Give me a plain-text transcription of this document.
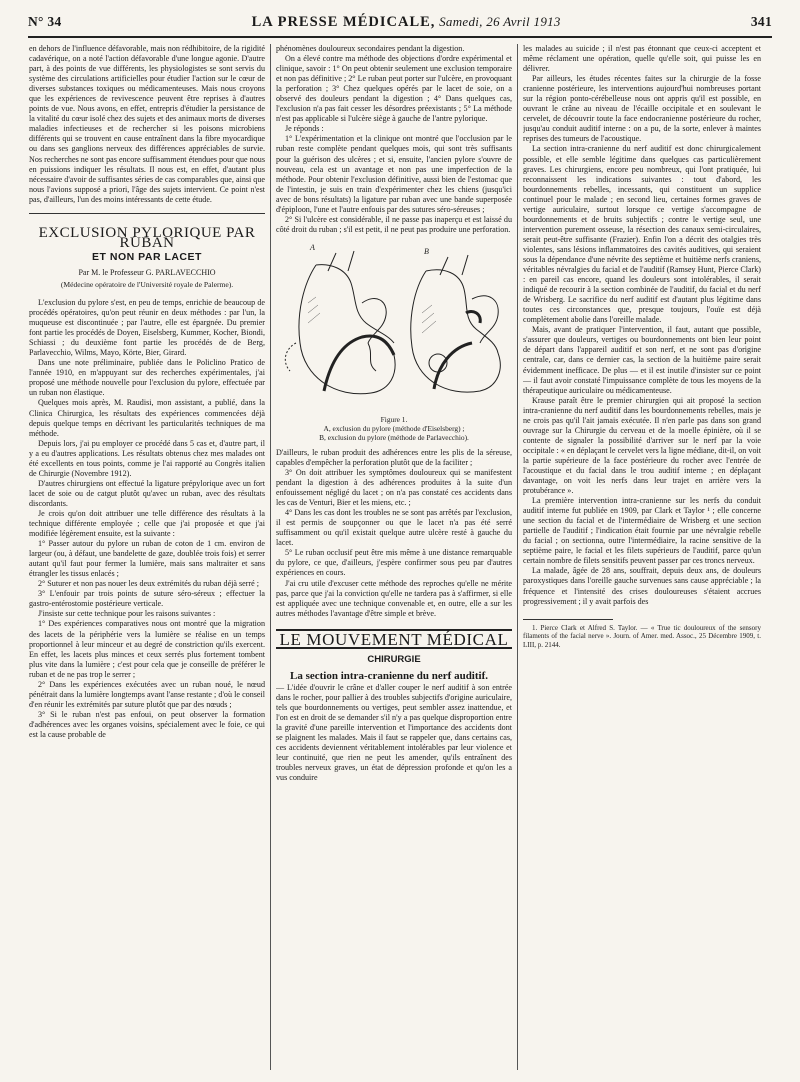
N° 34	LA PRESSE MÉDICALE, Samedi, 26 Avril 1913	341

en dehors de l'influence défavorable, mais non rédhibitoire, de la rigidité cadavérique, on a noté l'action défavorable d'une longue agonie. D'autre part, à des points de vue différents, les physiologistes se sont servis du système des circulations artificielles pour étudier l'action sur le cœur de diverses substances toxiques ou médicamenteuses. Mais nous croyons que les expériences de revivescence peuvent être reprises à d'autres points de vue. Nous avons, en effet, entrepris d'étudier la persistance de la vitalité du cœur isolé chez des sujets et des animaux morts de diverses maladies infectieuses et de rechercher si les poisons microbiens différents qui se trouvent en cause entraînent dans la fibre myocardique ou dans ses ganglions nerveux des différences appréciables de survie. Nos recherches ne sont pas encore suffisamment étendues pour que nous en puissions indiquer les résultats. Il nous est, en effet, d'autant plus nécessaire d'avoir de suffisantes séries de cas comparables que, ainsi que nous l'avions supposé a priori, l'âge des sujets intervient. Ce point n'est pas, d'ailleurs, l'un des moins intéressants de cette étude.

EXCLUSION PYLORIQUE PAR RUBAN
ET NON PAR LACET
Par M. le Professeur G. PARLAVECCHIO
(Médecine opératoire de l'Université royale de Palerme).

L'exclusion du pylore s'est, en peu de temps, enrichie de beaucoup de procédés opératoires, qu'on peut réunir en deux méthodes : par l'un, la muqueuse est discontinuée ; par l'autre, elle est épargnée. Du premier font partie les procédés de Doyen, Eiselsberg, Kummer, Kocher, Biondi, Schiassi ; du deuxième font partie les procédés de de Berg, Parlavecchio, Wilms, Mayo, Körte, Bier, Girard.

Dans une note préliminaire, publiée dans le Policlino Pratico de l'année 1910, en m'appuyant sur des recherches expérimentales, j'ai proposé une méthode nouvelle pour l'exclusion du pylore, effectuée par un ruban non élastique.

Quelques mois après, M. Raudisi, mon assistant, a publié, dans la Clinica Chirurgica, les résultats des expériences commencées déjà depuis quelque temps en décrivant les particularités techniques de ma méthode.

Depuis lors, j'ai pu employer ce procédé dans 5 cas et, d'autre part, il y a eu d'autres applications. Les résultats obtenus chez mes malades ont été excellents en tous points, comme je l'ai rapporté au Congrès italien de Chirurgie (Novembre 1912).

D'autres chirurgiens ont effectué la ligature prépylorique avec un fort lacet de soie ou de catgut plutôt qu'avec un ruban, avec des résultats discordants.

Je crois qu'on doit attribuer une telle différence des résultats à la technique différente employée ; celle que j'ai proposée et que j'ai modifiée légèrement ensuite, est la suivante :

1° Passer autour du pylore un ruban de coton de 1 cm. environ de largeur (ou, à défaut, une bandelette de gaze, doublée trois fois) et serrer autant qu'il faut pour fermer la lumière, mais sans maltraiter et sans étrangler les tissus enlacés ;

2° Suturer et non pas nouer les deux extrémités du ruban déjà serré ;

3° L'enfouir par trois points de suture séro-séreux ; effectuer la gastro-entérostomie postérieure verticale.

J'insiste sur cette technique pour les raisons suivantes :

1° Des expériences comparatives nous ont montré que la migration des lacets de la périphérie vers la lumière se réalise en un temps proportionnel à leur minceur et au degré de constriction qu'ils exercent. En effet, les lacets plus minces et ceux serrés plus fortement tombent plus vite dans la lumière ; c'est pour cela que je conseille de préférer le ruban et de ne pas trop le serrer ;

2° Dans les expériences exécutées avec un ruban noué, le nœud pénétrait dans la lumière longtemps avant l'anse restante ; d'où le conseil d'en réunir les extrémités par suture plutôt que par des nœuds ;

3° Si le ruban n'est pas enfoui, on peut observer la formation d'adhérences avec les organes voisins, spécialement avec le foie, ce qui est la cause probable de

phénomènes douloureux secondaires pendant la digestion.

On a élevé contre ma méthode des objections d'ordre expérimental et clinique, savoir : 1° On peut obtenir seulement une exclusion temporaire et non pas définitive ; 2° Le ruban peut porter sur l'ulcère, en provoquant la perforation ; 3° Chez quelques opérés par le lacet de soie, on a observé des douleurs pendant la digestion ; 4° Dans quelques cas, l'exclusion n'a pas fait cesser les désordres préexistants ; 5° La méthode n'est pas applicable si l'ulcère siège à gauche de l'antre pylorique.

Je réponds :

1° L'expérimentation et la clinique ont montré que l'occlusion par le ruban reste complète pendant quelques mois, qui sont très suffisants pour la guérison des ulcères ; et si, ensuite, l'ancien pylore s'ouvre de nouveau, cela est un avantage et non pas une imperfection de la méthode. Pour obtenir l'exclusion définitive, aussi bien de l'estomac que de l'intestin, je suis en train d'expérimenter chez les chiens (jusqu'ici avec de bons résultats) la ligature par ruban avec une bande superposée d'épiploon, l'une et l'autre enfouis par des sutures séro-séreuses ;

2° Si l'ulcère est considérable, il ne passe pas inaperçu et est laissé du côté droit du ruban ; s'il est petit, il ne peut pas produire une perforation.

A	B
Figure 1.
A, exclusion du pylore (méthode d'Eiselsberg) ;
B, exclusion du pylore (méthode de Parlavecchio).

D'ailleurs, le ruban produit des adhérences entre les plis de la séreuse, capables d'empêcher la perforation plutôt que de la faciliter ;

3° On doit attribuer les symptômes douloureux qui se manifestent pendant la digestion à des adhérences produites à la suite d'un enfouissement négligé du lacet ; on n'a pas constaté ces accidents dans les cas de Venturi, Bier et les miens, etc. ;

4° Dans les cas dont les troubles ne se sont pas arrêtés par l'exclusion, il est permis de soupçonner ou que le lacet n'a pas été serré suffisamment ou qu'il existait quelque autre ulcère resté à gauche du lacet.

5° Le ruban occlusif peut être mis même à une distance remarquable du pylore, ce que, d'ailleurs, j'espère confirmer sous peu par d'autres expériences en cours.

J'ai cru utile d'excuser cette méthode des reproches qu'elle ne mérite pas, parce que j'ai la conviction qu'elle ne tardera pas à s'affirmer, si elle est appliquée avec une technique convenable et, en outre, elle a sur les autres méthodes l'avantage d'être simple et brève.

LE MOUVEMENT MÉDICAL
CHIRURGIE
La section intra-cranienne du nerf auditif.

— L'idée d'ouvrir le crâne et d'aller couper le nerf auditif à son entrée dans le rocher, pour pallier à des troubles subjectifs d'origine auriculaire, tels que bourdonnements ou vertiges, peut sembler assez inattendue, et l'on est en droit de se demander s'il n'y a pas quelque disproportion entre la gravité d'une pareille intervention et l'importance des accidents dont se plaignent les malades. Mais il faut se rappeler que, dans certains cas, ces accidents deviennent véritablement intolérables par leur violence et leur continuité, que rien ne peut les amender, qu'ils entraînent des troubles nerveux graves, un état de dépression profonde et qu'on les a vus conduire

les malades au suicide ; il n'est pas étonnant que ceux-ci acceptent et même réclament une opération, quelle qu'elle soit, qui puisse les en délivrer.

Par ailleurs, les études récentes faites sur la chirurgie de la fosse cranienne postérieure, les interventions aujourd'hui nombreuses portant sur la région ponto-cérébelleuse nous ont appris qu'il est possible, en ouvrant le crâne au niveau de l'écaille occipitale et en soulevant le cervelet, de découvrir toute la face endocranienne postérieure du rocher, jusqu'au conduit auditif interne : on a pu, de la sorte, enlever à maintes reprises des tumeurs de l'acoustique.

La section intra-cranienne du nerf auditif est donc chirurgicalement possible, et elle semble légitime dans quelques cas particulièrement graves. Les chirurgiens, encore peu nombreux, qui l'ont pratiquée, lui reconnaissent les indications suivantes : tout d'abord, les bourdonnements rebelles, incessants, qui constituent un supplice continuel pour le malade ; en second lieu, certaines formes graves de vertige auriculaire, surtout lorsque ce vertige s'accompagne de bourdonnements et de bruits subjectifs ; contre le vertige seul, une intervention purement osseuse, la résection des canaux semi-circulaires, serait peut-être suffisante (Frazier). Enfin l'on a décrit des otalgies très violentes, sans lésions inflammatoires des cavités auditives, qui seraient sous la dépendance d'une névrite des septième et huitième nerfs craniens, véritables névralgies du facial et de l'auditif (Ramsey Hunt, Pierce Clark) : en pareil cas encore, quand les douleurs sont intolérables, il serait indiqué de recourir à la section combinée de l'auditif, du facial et du nerf de Wrisberg. Le sacrifice du nerf auditif est d'autant plus légitime dans toutes ces circonstances que, presque toujours, l'ouïe est déjà complètement abolie dans l'oreille malade.

Mais, avant de pratiquer l'intervention, il faut, autant que possible, s'assurer que douleurs, vertiges ou bourdonnements ont bien leur point de départ dans l'appareil auditif et son nerf, et ne sont pas d'origine centrale, car, dans ce dernier cas, la section de la huitième paire serait évidemment inefficace. De plus — et il est inutile d'insister sur ce point — il faut avoir constaté l'impuissance complète de tous les moyens de la thérapeutique auriculaire ou médicamenteuse.

Krause paraît être le premier chirurgien qui ait proposé la section intra-cranienne du nerf auditif dans les bourdonnements rebelles, mais je ne crois pas qu'il l'ait jamais exécutée. Il n'en parle pas dans son grand ouvrage sur la Chirurgie du cerveau et de la moelle épinière, où il se contente de signaler la possibilité d'arriver sur le nerf par la voie occipitale : « en déplaçant le cervelet vers la ligne médiane, dit-il, on voit la partie supérieure de la face postérieure du rocher avec l'entrée de l'acoustique et du facial dans le trou auditif interne ; en déplaçant davantage, on voit les nerfs dans leur trajet en arrière vers la protubérance ».

La première intervention intra-cranienne sur les nerfs du conduit auditif interne fut publiée en 1909, par Clark et Taylor ¹ ; elle concerne une section du facial et de l'intermédiaire de Wrisberg et une section partielle de l'auditif ; l'indication était fournie par une névralgie rebelle du facial ; on sectionna, outre l'intermédiaire, la racine sensitive de la septième paire, le facial et les filets supérieurs de l'auditif, parce qu'un certain nombre de filets sensitifs peuvent passer par ces troncs nerveux.

La malade, âgée de 28 ans, souffrait, depuis deux ans, de douleurs paroxystiques dans l'oreille gauche survenues sans cause appréciable ; la fréquence et l'intensité des crises douloureuses s'étaient accrues progressivement ; il y avait parfois des

1. Pierce Clark et Alfred S. Taylor. — « True tic douloureux of the sensory filaments of the facial nerve ». Journ. of Amer. med. Assoc., 25 Décembre 1909, t. LIII, p. 2144.
